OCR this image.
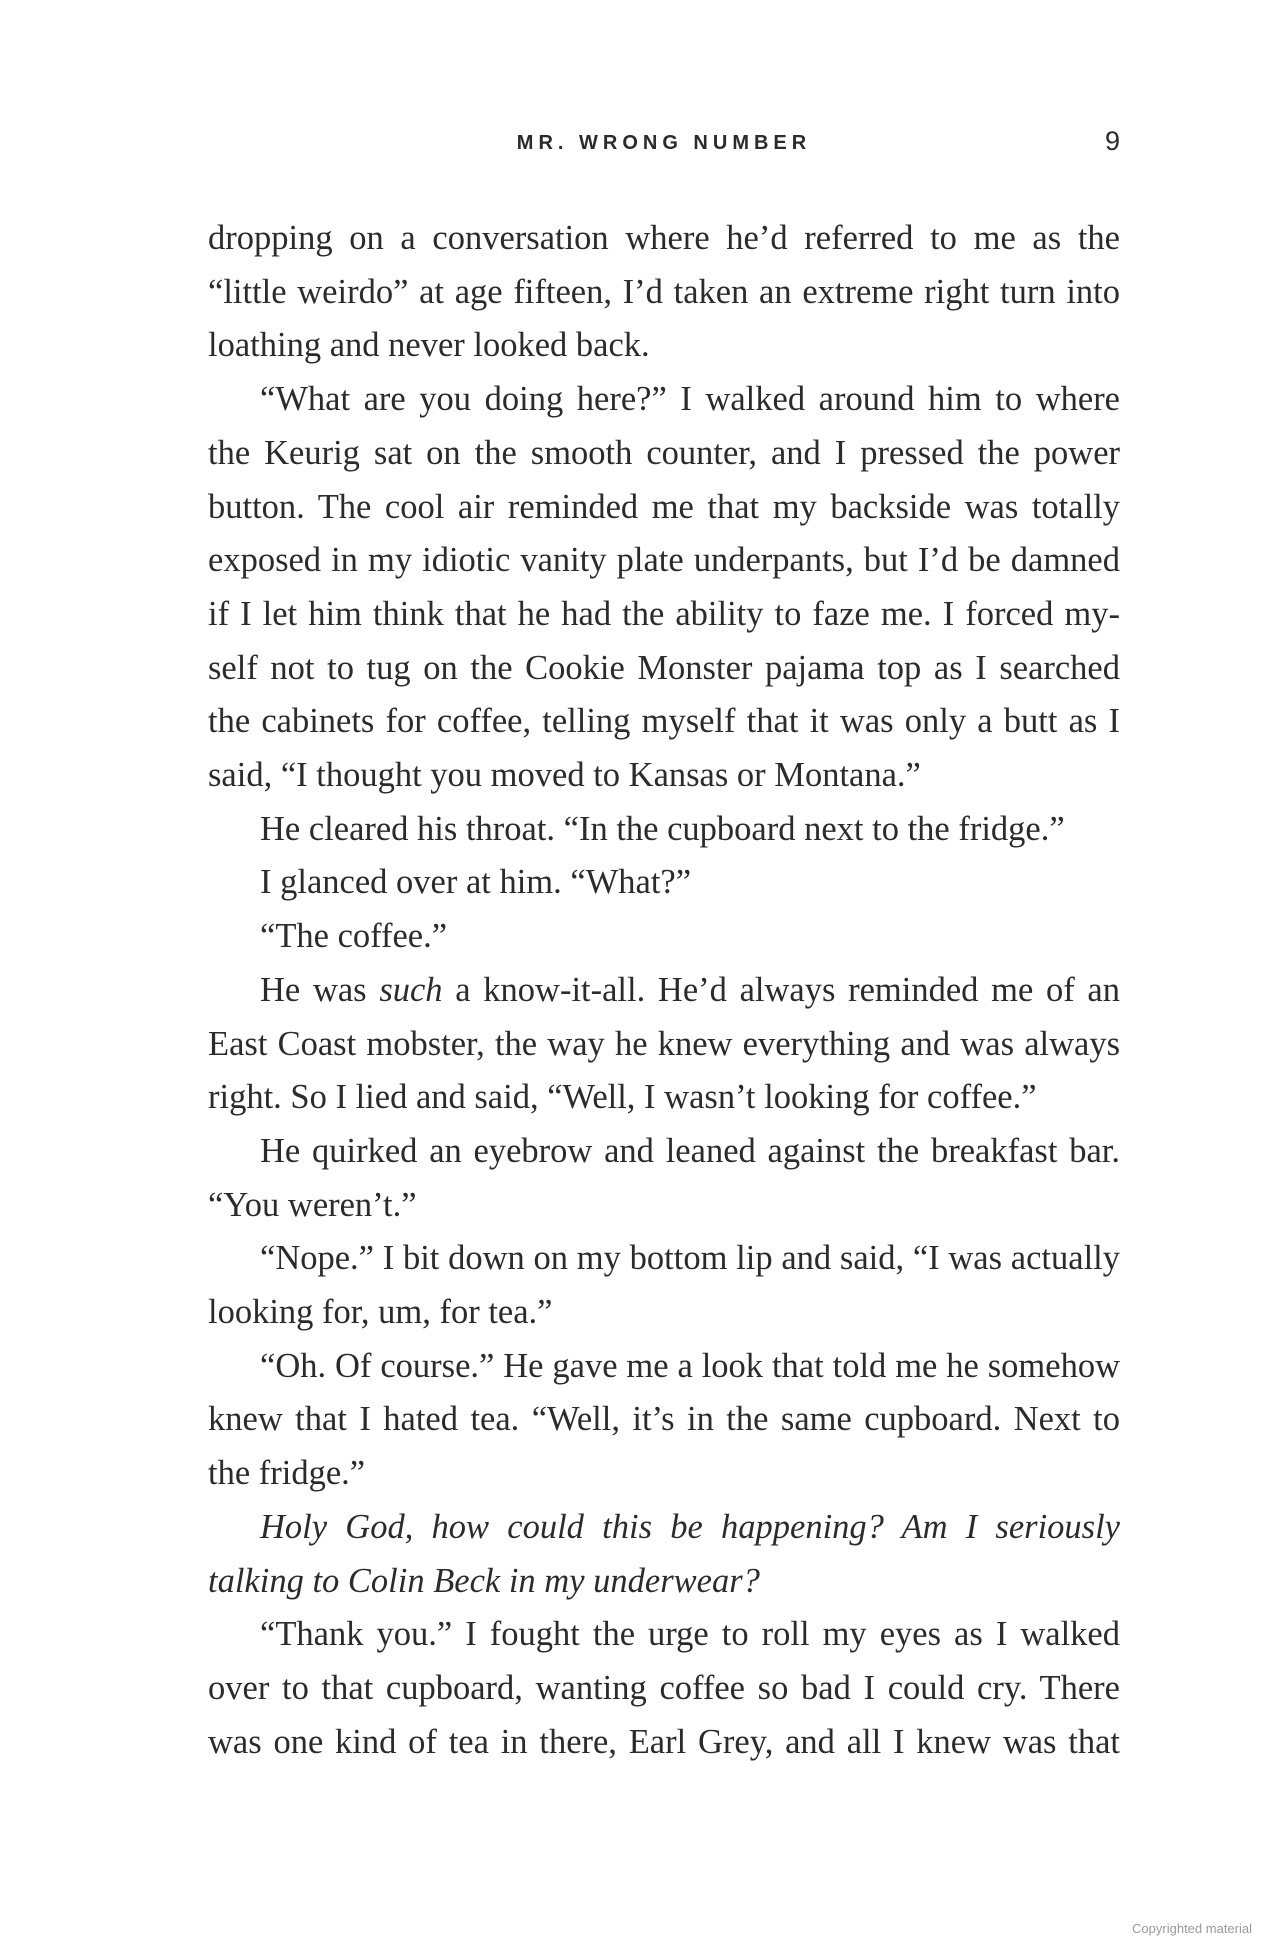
MR. WRONG NUMBER	9

dropping on a conversation where he’d referred to me as the “little weirdo” at age fifteen, I’d taken an extreme right turn into loathing and never looked back.

“What are you doing here?” I walked around him to where the Keurig sat on the smooth counter, and I pressed the power button. The cool air reminded me that my backside was totally exposed in my idiotic vanity plate underpants, but I’d be damned if I let him think that he had the ability to faze me. I forced myself not to tug on the Cookie Monster pajama top as I searched the cabinets for coffee, telling myself that it was only a butt as I said, “I thought you moved to Kansas or Montana.”

He cleared his throat. “In the cupboard next to the fridge.”

I glanced over at him. “What?”

“The coffee.”

He was such a know-it-all. He’d always reminded me of an East Coast mobster, the way he knew everything and was always right. So I lied and said, “Well, I wasn’t looking for coffee.”

He quirked an eyebrow and leaned against the breakfast bar. “You weren’t.”

“Nope.” I bit down on my bottom lip and said, “I was actually looking for, um, for tea.”

“Oh. Of course.” He gave me a look that told me he somehow knew that I hated tea. “Well, it’s in the same cupboard. Next to the fridge.”

Holy God, how could this be happening? Am I seriously talking to Colin Beck in my underwear?

“Thank you.” I fought the urge to roll my eyes as I walked over to that cupboard, wanting coffee so bad I could cry. There was one kind of tea in there, Earl Grey, and all I knew was that

Copyrighted material
